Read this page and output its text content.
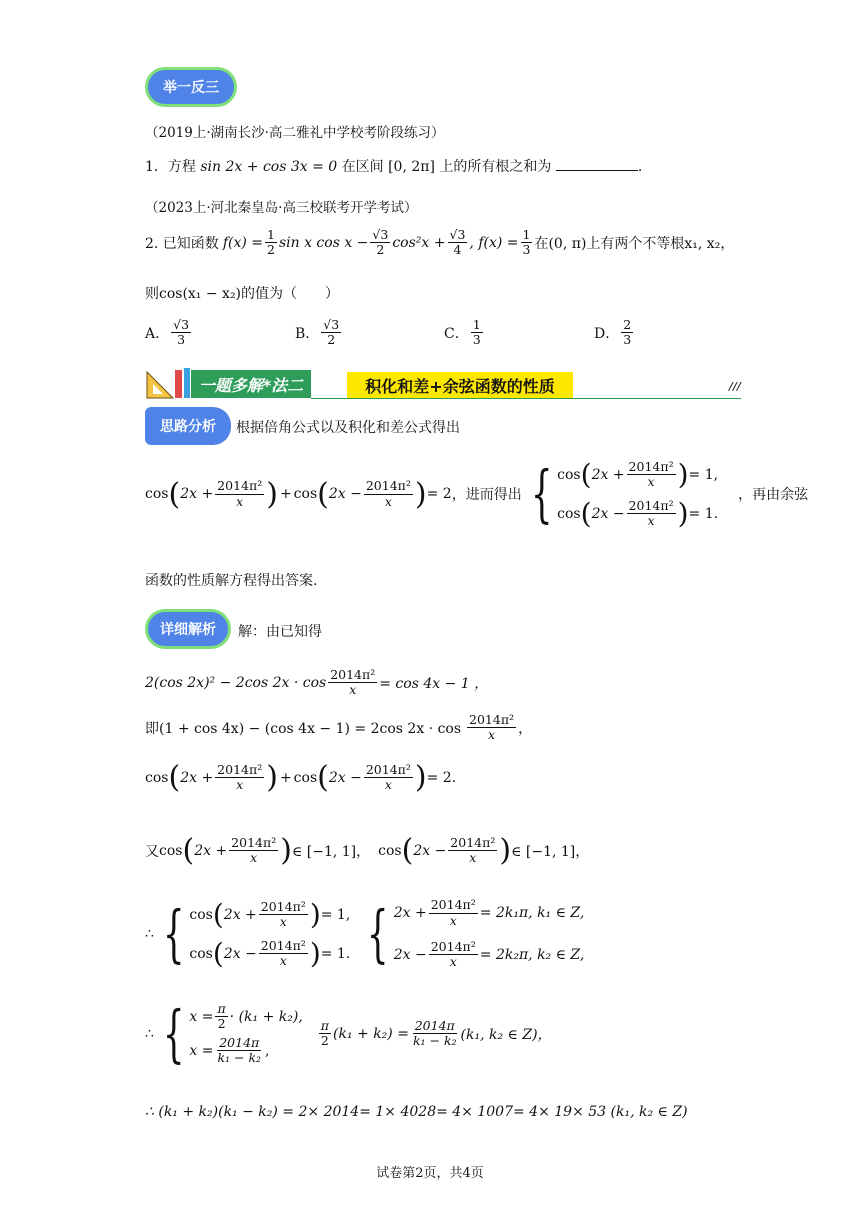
举一反三
（2019上·湖南长沙·高二雅礼中学校考阶段练习）
1．方程 sin 2x + cos 3x = 0 在区间 [0, 2π] 上的所有根之和为	.
（2023上·河北秦皇岛·高三校联考开学考试）
2. 已知函数 $f(x) = \frac{1}{2}$ sin x $\cos x - \frac{√3}{2} \cos^2x + \frac{√3}{4}$ , $f(x) = \frac{1}{3}$ 在(0, π)上有两个不等根x₁, x₂，
则cos(x₁ − x₂)的值为（　　）
A． $\frac{√3}{3}$	B． $\frac{√3}{2}$	C． $\frac{1}{3}$	D． $\frac{2}{3}$
一题多解*法二	积化和差+余弦函数的性质	///
思路分析 根据倍角公式以及积化和差公式得出
cos ( $2x + \frac{\text{2014π²}}{x}$ ) + cos ( $2x - \frac{\text{2014π²}}{x}$ ) = 2 ，进而得出 { cos ( $2x + \frac{\text{2014π²}}{x}$ ) = 1,
cos ( $2x - \frac{\text{2014π²}}{x}$ ) = 1.
，再由余弦
函数的性质解方程得出答案.
详细解析 解：由已知得
2(cos 2x)² − 2cos $2x \cdot \cos \frac{\text{2014π²}}{x} = \cos 4x - 1$ ，
即(1 + cos 4x) − (cos 4x − 1) = 2cos $2x \cdot \cos \frac{\text{2014π²}}{x}$ ，
cos ( $2x + \frac{\text{2014π²}}{x}$ ) + cos ( $2x - \frac{\text{2014π²}}{x}$ ) = 2.
又 cos ( $2x + \frac{\text{2014π²}}{x}$ ) ∈ [−1, 1]， cos ( $2x - \frac{\text{2014π²}}{x}$ ) ∈ [−1, 1]，
∴ { cos ( $2x + \frac{\text{2014π²}}{x}$ ) = 1,
cos ( $2x - \frac{\text{2014π²}}{x}$ ) = 1. { $2x + \frac{\text{2014π²}}{x} = 2k_1\pi$, k₁ ∈ Z,
$2x - \frac{\text{2014π²}}{x} = 2k_2\pi$, k₂ ∈ Z,
∴ { $x = \frac{\pi}{2} \cdot (k_1 + k_2)$,
$x = \frac{2014\pi}{\text{k₁ − k₂}}$ ,
$\frac{\pi}{2} (k_1 + k_2) = \frac{2014\pi}{\text{k₁ − k₂}} (k_1$, k₂ ∈ Z)，
∴ (k₁ + k₂)(k₁ − k₂) = 2× 2014= 1× 4028= 4× 1007= 4× 19× 53 (k₁, k₂ ∈ Z)
试卷第2页，共4页
